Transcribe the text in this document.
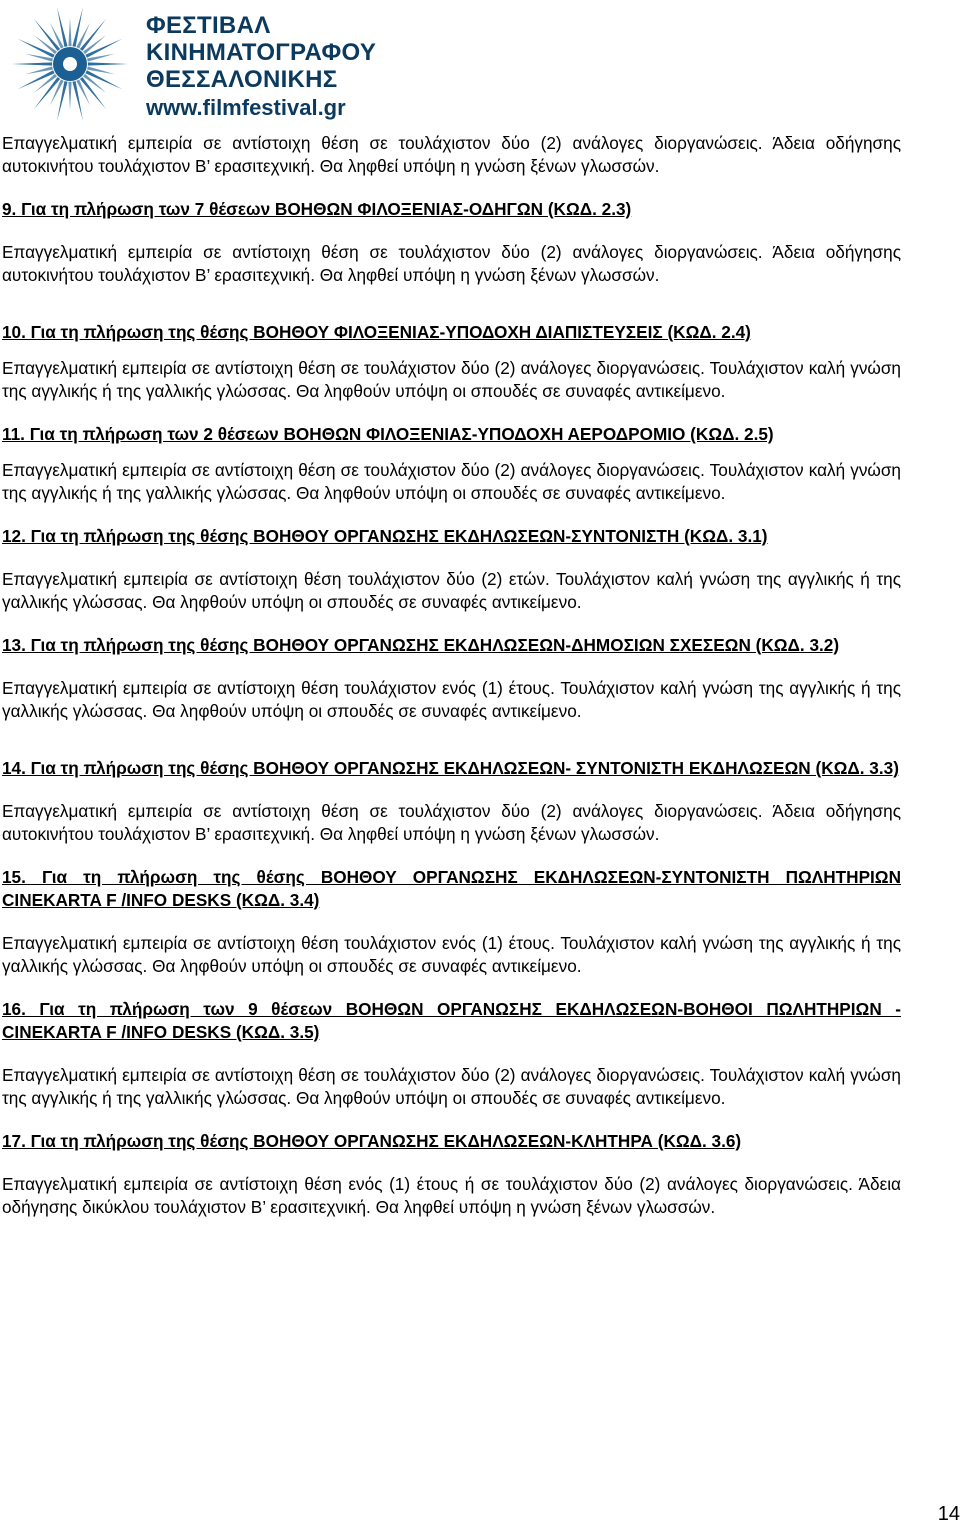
ΦΕΣΤΙΒΑΛ
ΚΙΝΗΜΑΤΟΓΡΑΦΟΥ
ΘΕΣΣΑΛΟΝΙΚΗΣ
www.filmfestival.gr

Επαγγελματική εμπειρία σε αντίστοιχη θέση σε τουλάχιστον δύο (2) ανάλογες διοργανώσεις. Άδεια οδήγησης αυτοκινήτου τουλάχιστον Β’ ερασιτεχνική. Θα ληφθεί υπόψη η γνώση ξένων γλωσσών.

9. Για τη πλήρωση των 7 θέσεων ΒΟΗΘΩΝ ΦΙΛΟΞΕΝΙΑΣ-ΟΔΗΓΩΝ (ΚΩΔ. 2.3)

Επαγγελματική εμπειρία σε αντίστοιχη θέση σε τουλάχιστον δύο (2) ανάλογες διοργανώσεις. Άδεια οδήγησης αυτοκινήτου τουλάχιστον Β’ ερασιτεχνική. Θα ληφθεί υπόψη η γνώση ξένων γλωσσών.

10. Για τη πλήρωση της θέσης ΒΟΗΘΟΥ ΦΙΛΟΞΕΝΙΑΣ-ΥΠΟΔΟΧΗ ΔΙΑΠΙΣΤΕΥΣΕΙΣ (ΚΩΔ. 2.4)

Επαγγελματική εμπειρία σε αντίστοιχη θέση σε τουλάχιστον δύο (2) ανάλογες διοργανώσεις. Τουλάχιστον καλή γνώση της αγγλικής ή της γαλλικής γλώσσας. Θα ληφθούν υπόψη οι σπουδές σε συναφές αντικείμενο.

11. Για τη πλήρωση των 2 θέσεων ΒΟΗΘΩΝ ΦΙΛΟΞΕΝΙΑΣ-ΥΠΟΔΟΧΗ ΑΕΡΟΔΡΟΜΙΟ (ΚΩΔ. 2.5)

Επαγγελματική εμπειρία σε αντίστοιχη θέση σε τουλάχιστον δύο (2) ανάλογες διοργανώσεις. Τουλάχιστον καλή γνώση της αγγλικής ή της γαλλικής γλώσσας. Θα ληφθούν υπόψη οι σπουδές σε συναφές αντικείμενο.

12. Για τη πλήρωση της θέσης ΒΟΗΘΟΥ ΟΡΓΑΝΩΣΗΣ ΕΚΔΗΛΩΣΕΩΝ-ΣΥΝΤΟΝΙΣΤΗ (ΚΩΔ. 3.1)

Επαγγελματική εμπειρία σε αντίστοιχη θέση τουλάχιστον δύο (2) ετών. Τουλάχιστον καλή γνώση της αγγλικής ή της γαλλικής γλώσσας. Θα ληφθούν υπόψη οι σπουδές σε συναφές αντικείμενο.

13. Για τη πλήρωση της θέσης ΒΟΗΘΟΥ ΟΡΓΑΝΩΣΗΣ ΕΚΔΗΛΩΣΕΩΝ-ΔΗΜΟΣΙΩΝ ΣΧΕΣΕΩΝ (ΚΩΔ. 3.2)

Επαγγελματική εμπειρία σε αντίστοιχη θέση τουλάχιστον ενός (1) έτους. Τουλάχιστον καλή γνώση της αγγλικής ή της γαλλικής γλώσσας. Θα ληφθούν υπόψη οι σπουδές σε συναφές αντικείμενο.

14. Για τη πλήρωση της θέσης ΒΟΗΘΟΥ ΟΡΓΑΝΩΣΗΣ ΕΚΔΗΛΩΣΕΩΝ- ΣΥΝΤΟΝΙΣΤΗ ΕΚΔΗΛΩΣΕΩΝ (ΚΩΔ. 3.3)

Επαγγελματική εμπειρία σε αντίστοιχη θέση σε τουλάχιστον δύο (2) ανάλογες διοργανώσεις. Άδεια οδήγησης αυτοκινήτου τουλάχιστον Β’ ερασιτεχνική. Θα ληφθεί υπόψη η γνώση ξένων γλωσσών.

15. Για τη πλήρωση της θέσης ΒΟΗΘΟΥ ΟΡΓΑΝΩΣΗΣ ΕΚΔΗΛΩΣΕΩΝ-ΣΥΝΤΟΝΙΣΤΗ ΠΩΛΗΤΗΡΙΩΝ CINEKARTA F /INFO DESKS (ΚΩΔ. 3.4)

Επαγγελματική εμπειρία σε αντίστοιχη θέση τουλάχιστον ενός (1) έτους. Τουλάχιστον καλή γνώση της αγγλικής ή της γαλλικής γλώσσας. Θα ληφθούν υπόψη οι σπουδές σε συναφές αντικείμενο.

16. Για τη πλήρωση των 9 θέσεων ΒΟΗΘΩΝ ΟΡΓΑΝΩΣΗΣ ΕΚΔΗΛΩΣΕΩΝ-ΒΟΗΘΟΙ ΠΩΛΗΤΗΡΙΩΝ -CINEKARTA F /INFO DESKS (ΚΩΔ. 3.5)

Επαγγελματική εμπειρία σε αντίστοιχη θέση σε τουλάχιστον δύο (2) ανάλογες διοργανώσεις. Τουλάχιστον καλή γνώση της αγγλικής ή της γαλλικής γλώσσας. Θα ληφθούν υπόψη οι σπουδές σε συναφές αντικείμενο.

17. Για τη πλήρωση της θέσης ΒΟΗΘΟΥ ΟΡΓΑΝΩΣΗΣ ΕΚΔΗΛΩΣΕΩΝ-ΚΛΗΤΗΡΑ (ΚΩΔ. 3.6)

Επαγγελματική εμπειρία σε αντίστοιχη θέση ενός (1) έτους ή σε τουλάχιστον δύο (2) ανάλογες διοργανώσεις. Άδεια οδήγησης δικύκλου τουλάχιστον Β’ ερασιτεχνική. Θα ληφθεί υπόψη η γνώση ξένων γλωσσών.

14
